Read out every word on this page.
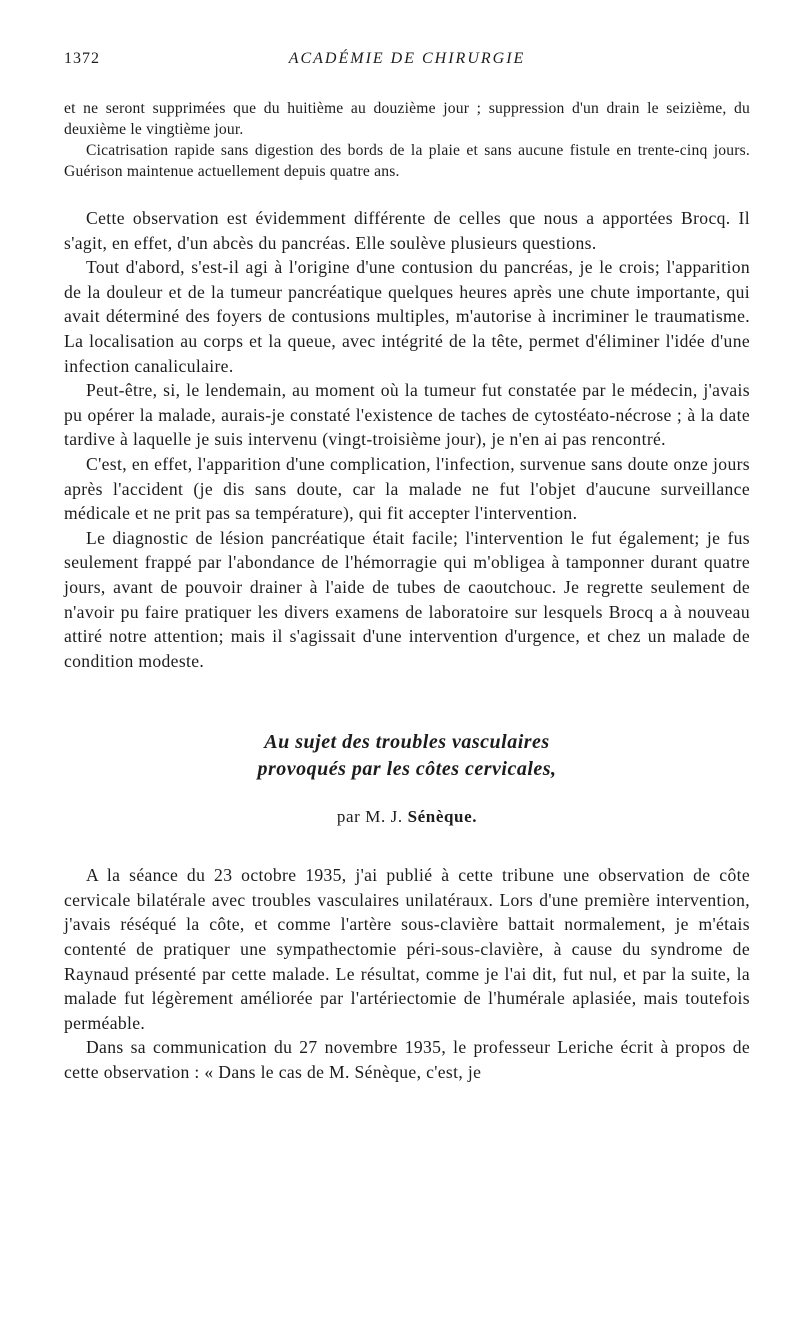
1372	ACADÉMIE DE CHIRURGIE

et ne seront supprimées que du huitième au douzième jour ; suppression d'un drain le seizième, du deuxième le vingtième jour.

Cicatrisation rapide sans digestion des bords de la plaie et sans aucune fistule en trente-cinq jours. Guérison maintenue actuellement depuis quatre ans.

Cette observation est évidemment différente de celles que nous a apportées Brocq. Il s'agit, en effet, d'un abcès du pancréas. Elle soulève plusieurs questions.

Tout d'abord, s'est-il agi à l'origine d'une contusion du pancréas, je le crois; l'apparition de la douleur et de la tumeur pancréatique quelques heures après une chute importante, qui avait déterminé des foyers de contusions multiples, m'autorise à incriminer le traumatisme. La localisation au corps et la queue, avec intégrité de la tête, permet d'éliminer l'idée d'une infection canaliculaire.

Peut-être, si, le lendemain, au moment où la tumeur fut constatée par le médecin, j'avais pu opérer la malade, aurais-je constaté l'existence de taches de cytostéato-nécrose ; à la date tardive à laquelle je suis intervenu (vingt-troisième jour), je n'en ai pas rencontré.

C'est, en effet, l'apparition d'une complication, l'infection, survenue sans doute onze jours après l'accident (je dis sans doute, car la malade ne fut l'objet d'aucune surveillance médicale et ne prit pas sa température), qui fit accepter l'intervention.

Le diagnostic de lésion pancréatique était facile; l'intervention le fut également; je fus seulement frappé par l'abondance de l'hémorragie qui m'obligea à tamponner durant quatre jours, avant de pouvoir drainer à l'aide de tubes de caoutchouc. Je regrette seulement de n'avoir pu faire pratiquer les divers examens de laboratoire sur lesquels Brocq a à nouveau attiré notre attention; mais il s'agissait d'une intervention d'urgence, et chez un malade de condition modeste.

Au sujet des troubles vasculaires

provoqués par les côtes cervicales,

par M. J. Sénèque.

A la séance du 23 octobre 1935, j'ai publié à cette tribune une observation de côte cervicale bilatérale avec troubles vasculaires unilatéraux. Lors d'une première intervention, j'avais réséqué la côte, et comme l'artère sous-clavière battait normalement, je m'étais contenté de pratiquer une sympathectomie péri-sous-clavière, à cause du syndrome de Raynaud présenté par cette malade. Le résultat, comme je l'ai dit, fut nul, et par la suite, la malade fut légèrement améliorée par l'artériectomie de l'humérale aplasiée, mais toutefois perméable.

Dans sa communication du 27 novembre 1935, le professeur Leriche écrit à propos de cette observation : « Dans le cas de M. Sénèque, c'est, je
